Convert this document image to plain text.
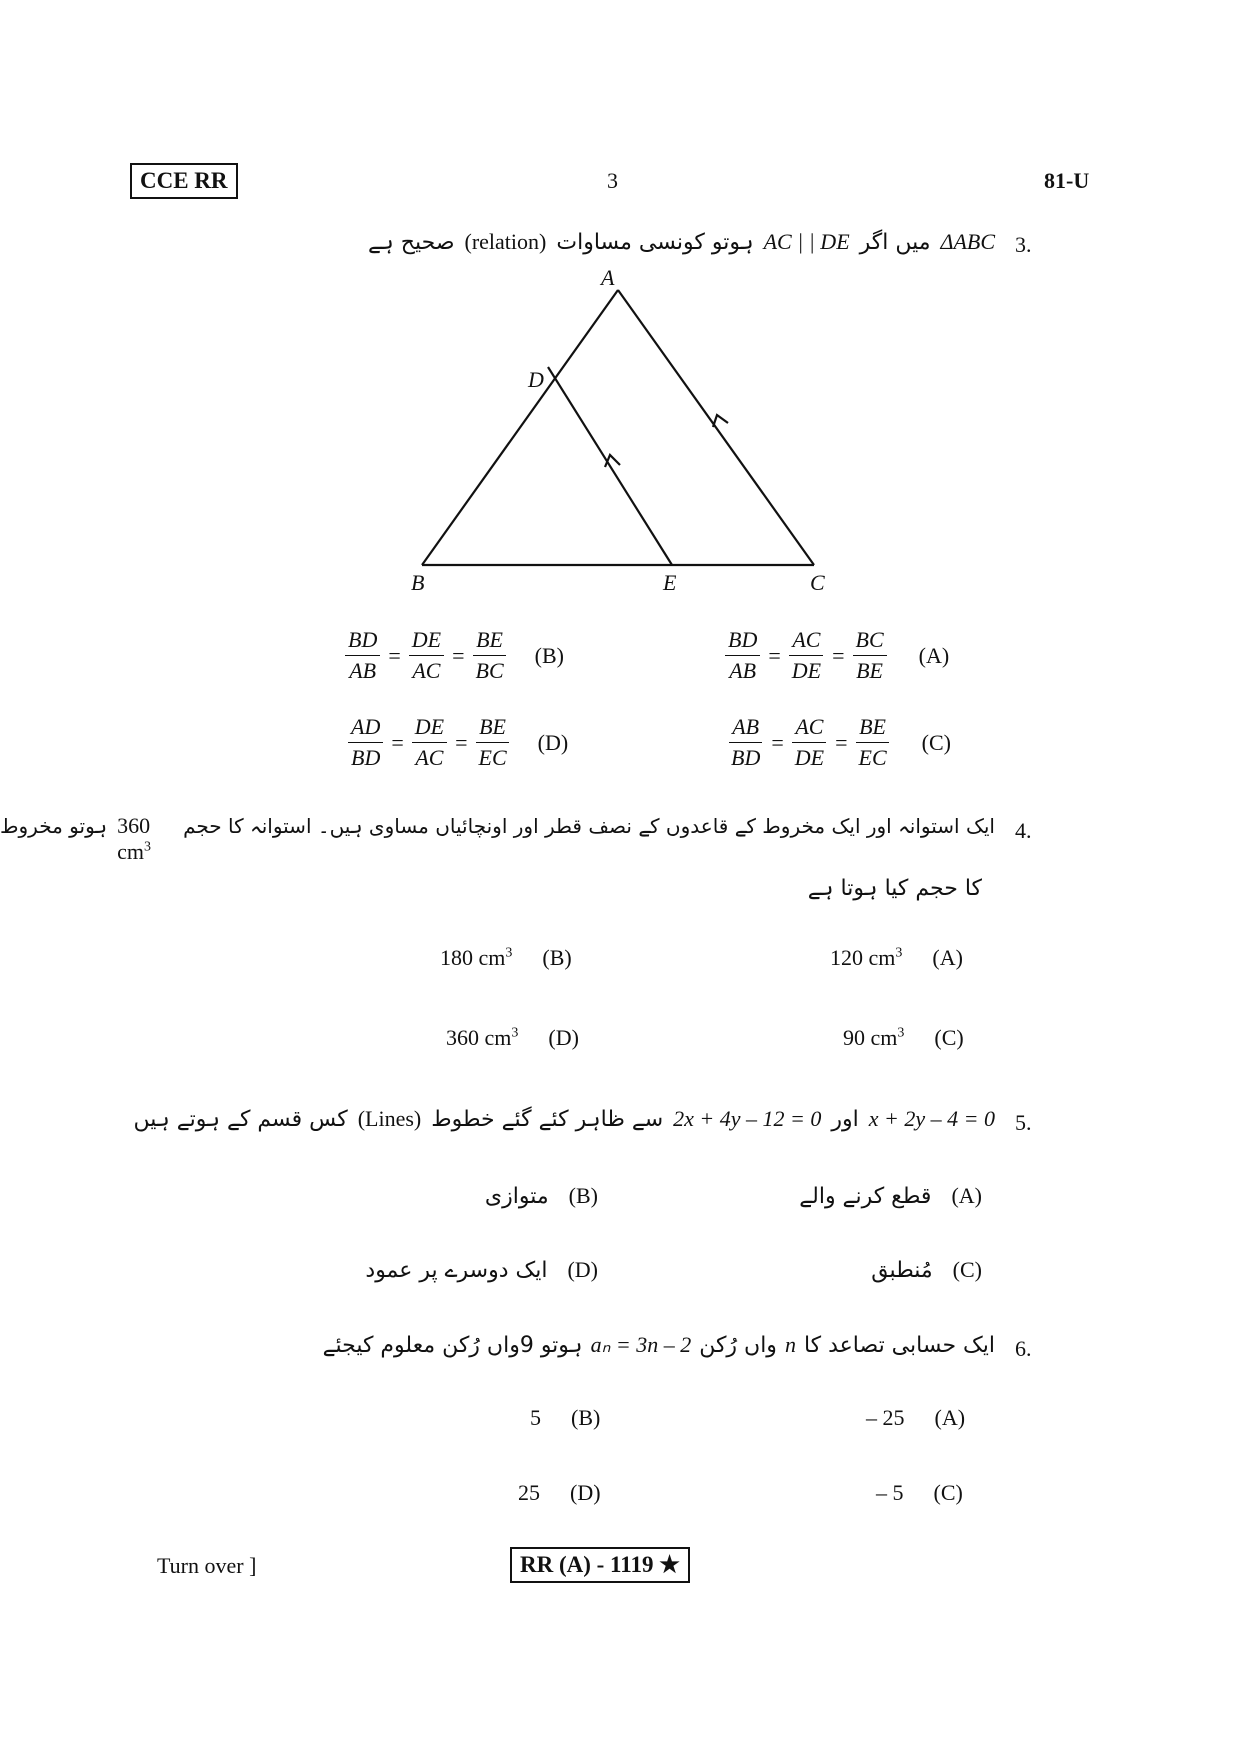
CCE RR	3	81-U
3.
ΔABC
میں اگر
AC | | DE
ہوتو کونسی مساوات
(relation)
صحیح ہے
A
D
B	E	C
$\frac{BD}{AB} = \frac{AC}{DE} = \frac{BC}{BE} (A)$
$\frac{BD}{AB} = \frac{DE}{AC} = \frac{BE}{BC} (B)$
$\frac{AB}{BD} = \frac{AC}{DE} = \frac{BE}{EC} (C)$
$\frac{AD}{BD} = \frac{DE}{AC} = \frac{BE}{EC} (D)$
4.
ایک استوانہ اور ایک مخروط کے قاعدوں کے نصف قطر اور اونچائیاں مساوی ہیں۔ استوانہ کا حجم
360 $cm^3$
ہوتو مخروط
کا حجم کیا ہوتا ہے
120 $cm^3$ (A)
180 $cm^3$ (B)
90 $cm^3$ (C)
360 $cm^3$ (D)
5.
x + 2y – 4 = 0
اور
2x + 4y – 12 = 0
سے ظاہر کئے گئے خطوط
(Lines)
کس قسم کے ہوتے ہیں
(A)
قطع کرنے والے
(B)
متوازی
(C)
مُنطبق
(D)
ایک دوسرے پر عمود
6.
ایک حسابی تصاعد کا
n
واں رُکن
aₙ = 3n – 2
ہوتو 9واں رُکن معلوم کیجئے
– 25 (A)
5 (B)
– 5 (C)
25 (D)
Turn over ]	RR (A) - 1119 ★
